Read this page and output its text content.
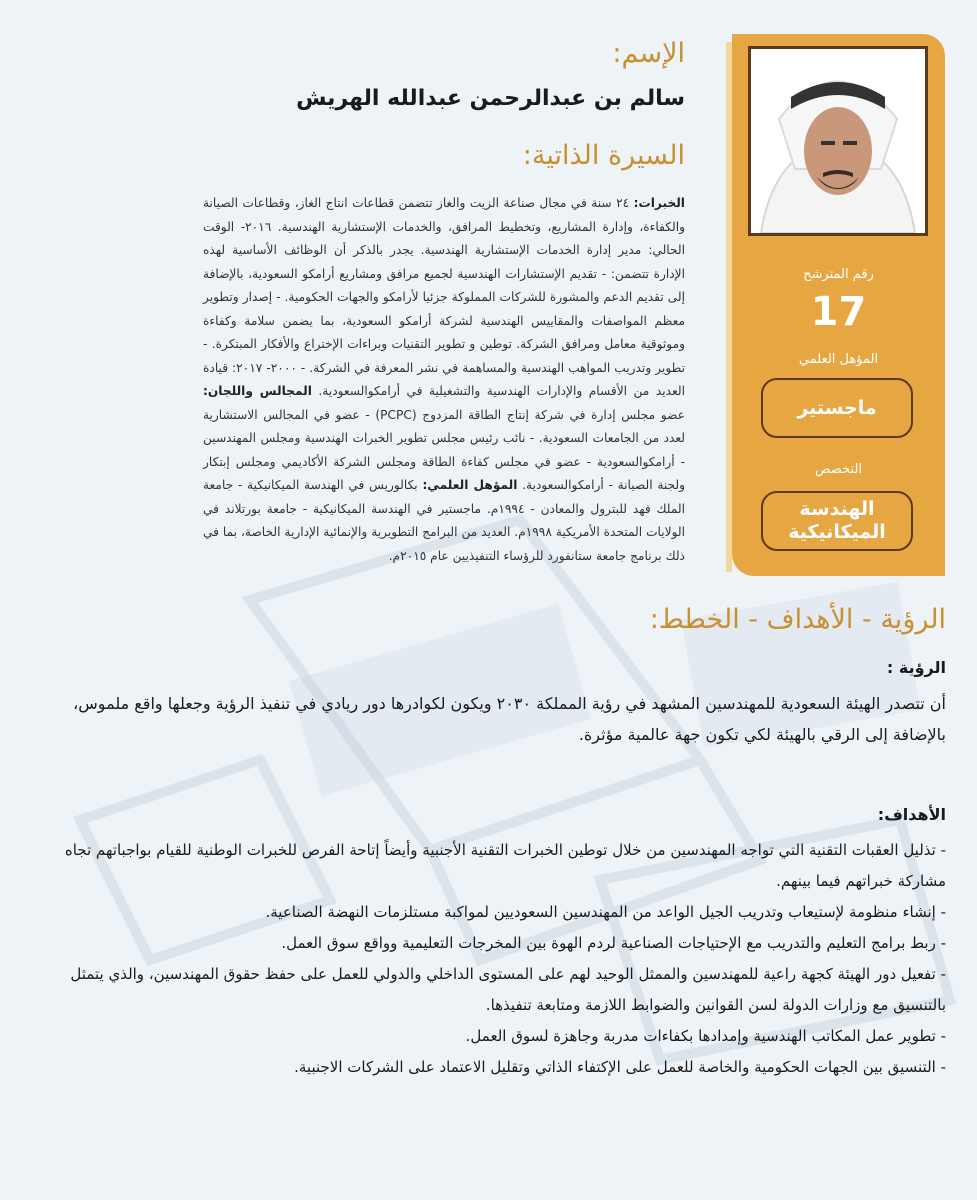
رقم المترشح
17
المؤهل العلمي
ماجستير
التخصص
الهندسة الميكانيكية
الإسم:
سالم بن عبدالرحمن عبدالله الهريش
السيرة الذاتية:
الخبرات: ٢٤ سنة في مجال صناعة الزيت والغاز تتضمن قطاعات انتاج الغاز، وقطاعات الصيانة والكفاءة، وإدارة المشاريع، وتخطيط المرافق، والخدمات الإستشارية الهندسية. ٢٠١٦- الوقت الحالي: مدير إدارة الخدمات الإستشارية الهندسية. يجدر بالذكر أن الوظائف الأساسية لهذه الإدارة تتضمن: - تقديم الإستشارات الهندسية لجميع مرافق ومشاريع أرامكو السعودية، بالإضافة إلى تقديم الدعم والمشورة للشركات المملوكة جزئيا لأرامكو والجهات الحكومية. - إصدار وتطوير معظم المواصفات والمقاييس الهندسية لشركة أرامكو السعودية، بما يضمن سلامة وكفاءة وموثوقية معامل ومرافق الشركة. توطين و تطوير التقنيات وبراءات الإختراع والأفكار المبتكرة. - تطوير وتدريب المواهب الهندسية والمساهمة في نشر المعرفة في الشركة. - ٢٠٠٠- ٢٠١٧: قيادة العديد من الأقسام والإدارات الهندسية والتشغيلية في أرامكوالسعودية. المجالس واللجان: عضو مجلس إدارة في شركة إنتاج الطاقة المزدوج (PCPC) - عضو في المجالس الاستشارية لعدد من الجامعات السعودية. - نائب رئيس مجلس تطوير الخبرات الهندسية ومجلس المهندسين - أرامكوالسعودية - عضو في مجلس كفاءة الطاقة ومجلس الشركة الأكاديمي ومجلس إبتكار ولجنة الصيانة - أرامكوالسعودية. المؤهل العلمي: بكالوريس في الهندسة الميكانيكية - جامعة الملك فهد للبترول والمعادن - ١٩٩٤م. ماجستير في الهندسة الميكانيكية - جامعة بورتلاند في الولايات المتحدة الأمريكية ١٩٩٨م. العديد من البرامج التطويرية والإنمائية الإدارية الخاصة، بما في ذلك برنامج جامعة ستانفورد للرؤساء التنفيذيين عام ٢٠١٥م.
الرؤية - الأهداف - الخطط:
الرؤية :
أن تتصدر الهيئة السعودية للمهندسين المشهد في رؤية المملكة ٢٠٣٠ ويكون لكوادرها دور ريادي في تنفيذ الرؤية وجعلها واقع ملموس، بالإضافة إلى الرقي بالهيئة لكي تكون جهة عالمية مؤثرة.
الأهداف:

- تذليل العقبات التقنية التي تواجه المهندسين من خلال توطين الخبرات التقنية الأجنبية وأيضاً إتاحة الفرص للخبرات الوطنية للقيام بواجباتهم تجاه مشاركة خبراتهم فيما بينهم.

- إنشاء منظومة لإستيعاب وتدريب الجيل الواعد من المهندسين السعوديين لمواكبة مستلزمات النهضة الصناعية.

- ربط برامج التعليم والتدريب مع الإحتياجات الصناعية لردم الهوة بين المخرجات التعليمية وواقع سوق العمل.

- تفعيل دور الهيئة كجهة راعية للمهندسين والممثل الوحيد لهم على المستوى الداخلي والدولي للعمل على حفظ حقوق المهندسين، والذي يتمثل بالتنسيق مع وزارات الدولة لسن القوانين والضوابط اللازمة ومتابعة تنفيذها.

- تطوير عمل المكاتب الهندسية وإمدادها بكفاءات مدربة وجاهزة لسوق العمل.

- التنسيق بين الجهات الحكومية والخاصة للعمل على الإكتفاء الذاتي وتقليل الاعتماد على الشركات الاجنبية.
